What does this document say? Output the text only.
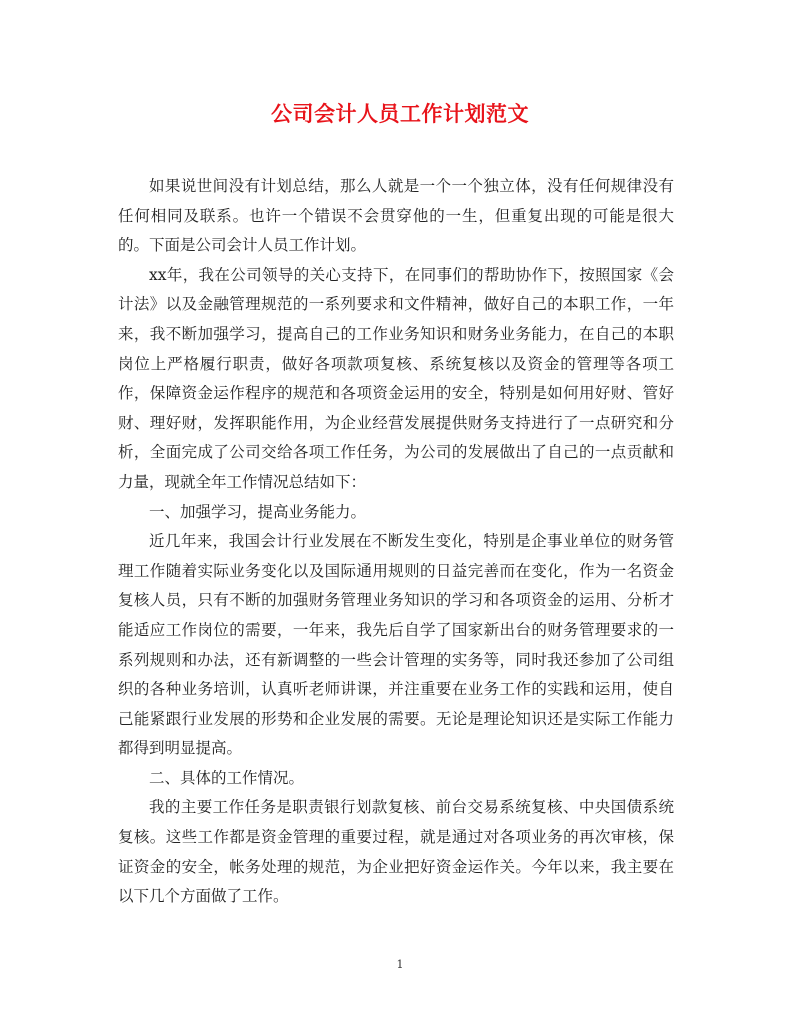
公司会计人员工作计划范文

如果说世间没有计划总结，那么人就是一个一个独立体，没有任何规律没有任何相同及联系。也许一个错误不会贯穿他的一生，但重复出现的可能是很大的。下面是公司会计人员工作计划。

xx年，我在公司领导的关心支持下，在同事们的帮助协作下，按照国家《会计法》以及金融管理规范的一系列要求和文件精神，做好自己的本职工作，一年来，我不断加强学习，提高自己的工作业务知识和财务业务能力，在自己的本职岗位上严格履行职责，做好各项款项复核、系统复核以及资金的管理等各项工作，保障资金运作程序的规范和各项资金运用的安全，特别是如何用好财、管好财、理好财，发挥职能作用，为企业经营发展提供财务支持进行了一点研究和分析，全面完成了公司交给各项工作任务，为公司的发展做出了自己的一点贡献和力量，现就全年工作情况总结如下：

一、加强学习，提高业务能力。

近几年来，我国会计行业发展在不断发生变化，特别是企事业单位的财务管理工作随着实际业务变化以及国际通用规则的日益完善而在变化，作为一名资金复核人员，只有不断的加强财务管理业务知识的学习和各项资金的运用、分析才能适应工作岗位的需要，一年来，我先后自学了国家新出台的财务管理要求的一系列规则和办法，还有新调整的一些会计管理的实务等，同时我还参加了公司组织的各种业务培训，认真听老师讲课，并注重要在业务工作的实践和运用，使自己能紧跟行业发展的形势和企业发展的需要。无论是理论知识还是实际工作能力都得到明显提高。

二、具体的工作情况。

我的主要工作任务是职责银行划款复核、前台交易系统复核、中央国债系统复核。这些工作都是资金管理的重要过程，就是通过对各项业务的再次审核，保证资金的安全，帐务处理的规范，为企业把好资金运作关。今年以来，我主要在以下几个方面做了工作。

1
